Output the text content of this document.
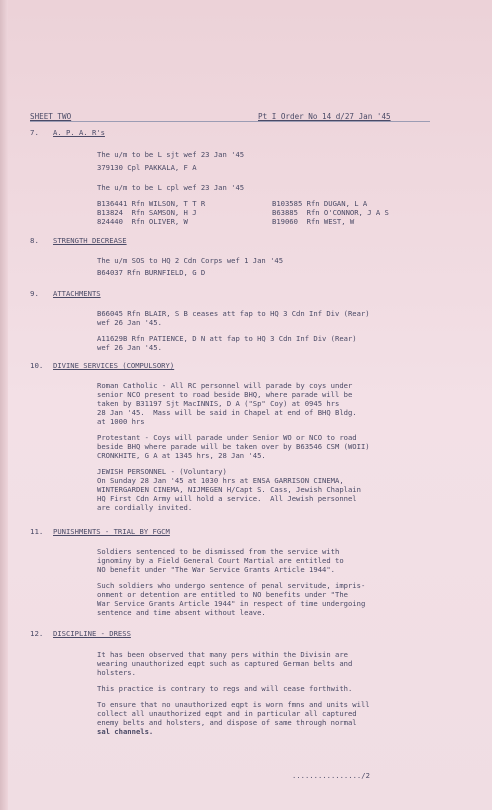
SHEET TWO	Pt I Order No 14 d/27 Jan '45
7. A. P. A. R's
The u/m to be L sjt wef 23 Jan '45
379130 Cpl PAKKALA, F A
The u/m to be L cpl wef 23 Jan '45
B136441 Rfn WILSON, T T R
B13824  Rfn SAMSON, H J
824440  Rfn OLIVER, W
B103585 Rfn DUGAN, L A
B63885  Rfn O'CONNOR, J A S
B19060  Rfn WEST, W
8. STRENGTH DECREASE
The u/m SOS to HQ 2 Cdn Corps wef 1 Jan '45
B64037 Rfn BURNFIELD, G D
9. ATTACHMENTS
B66045 Rfn BLAIR, S B ceases att fap to HQ 3 Cdn Inf Div (Rear)
wef 26 Jan '45.
A11629B Rfn PATIENCE, D N att fap to HQ 3 Cdn Inf Div (Rear)
wef 26 Jan '45.
10. DIVINE SERVICES (COMPULSORY)
Roman Catholic - All RC personnel will parade by coys under
senior NCO present to road beside BHQ, where parade will be
taken by B31197 Sjt MacINNIS, D A ("Sp" Coy) at 0945 hrs
28 Jan '45.  Mass will be said in Chapel at end of BHQ Bldg.
at 1000 hrs
Protestant - Coys will parade under Senior WO or NCO to road
beside BHQ where parade will be taken over by B63546 CSM (WOII)
CRONKHITE, G A at 1345 hrs, 28 Jan '45.
JEWISH PERSONNEL - (Voluntary)
On Sunday 28 Jan '45 at 1030 hrs at ENSA GARRISON CINEMA,
WINTERGARDEN CINEMA, NIJMEGEN H/Capt S. Cass, Jewish Chaplain
HQ First Cdn Army will hold a service.  All Jewish personnel
are cordially invited.
11. PUNISHMENTS - TRIAL BY FGCM
Soldiers sentenced to be dismissed from the service with
ignominy by a Field General Court Martial are entitled to
NO benefit under "The War Service Grants Article 1944".
Such soldiers who undergo sentence of penal servitude, impris-
onment or detention are entitled to NO benefits under "The
War Service Grants Article 1944" in respect of time undergoing
sentence and time absent without leave.
12. DISCIPLINE - DRESS
It has been observed that many pers within the Divisin are
wearing unauthorized eqpt such as captured German belts and
holsters.
This practice is contrary to regs and will cease forthwith.
To ensure that no unauthorized eqpt is worn fmns and units will
collect all unauthorized eqpt and in particular all captured
enemy belts and holsters, and dispose of same through normal
sal channels.
................/2
